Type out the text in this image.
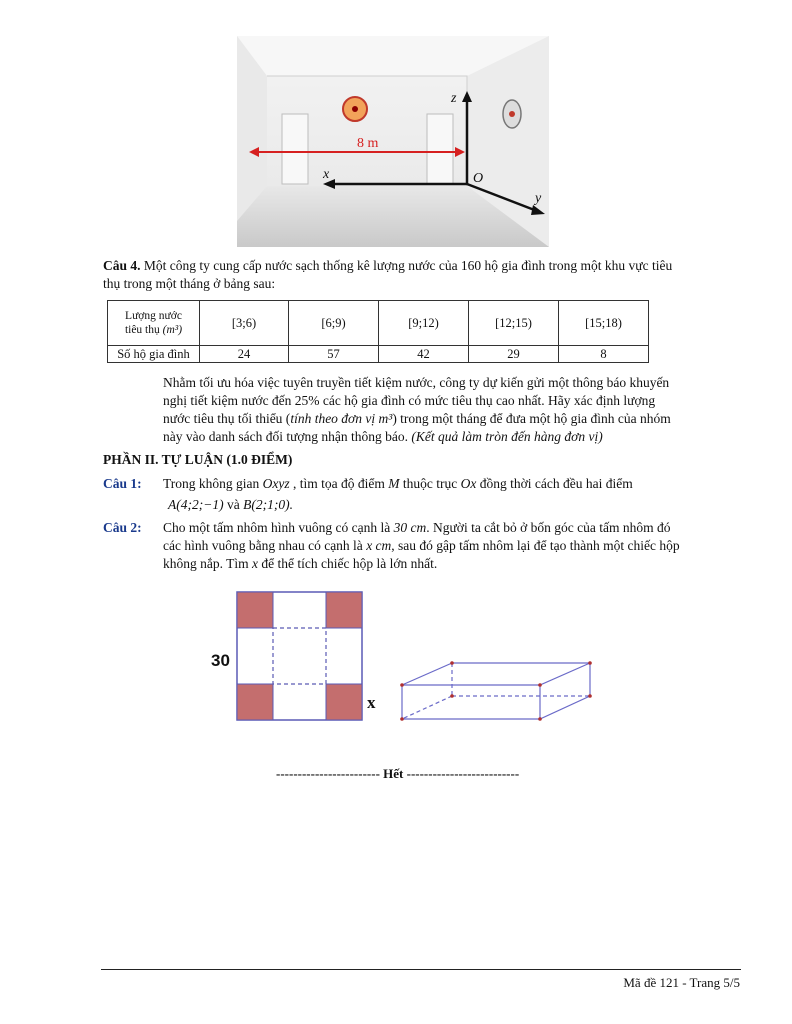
8 m
z
x
y
O
Câu 4. Một công ty cung cấp nước sạch thống kê lượng nước của 160 hộ gia đình trong một khu vực tiêu
thụ trong một tháng ở bảng sau:
Lượng nước
tiêu thụ (m³)	[3;6)	[6;9)	[9;12)	[12;15)	[15;18)
Số hộ gia đình	24	57	42	29	8
Nhằm tối ưu hóa việc tuyên truyền tiết kiệm nước, công ty dự kiến gửi một thông báo khuyến
nghị tiết kiệm nước đến 25% các hộ gia đình có mức tiêu thụ cao nhất. Hãy xác định lượng
nước tiêu thụ tối thiểu (tính theo đơn vị m³) trong một tháng để đưa một hộ gia đình của nhóm
này vào danh sách đối tượng nhận thông báo. (Kết quả làm tròn đến hàng đơn vị)
PHẦN II. TỰ LUẬN (1.0 ĐIỂM)
Câu 1: Trong không gian Oxyz , tìm tọa độ điểm M thuộc trục Ox đồng thời cách đều hai điểm
A(4;2;−1) và B(2;1;0).
Câu 2: Cho một tấm nhôm hình vuông có cạnh là 30 cm. Người ta cắt bỏ ở bốn góc của tấm nhôm đó
các hình vuông bằng nhau có cạnh là x cm, sau đó gập tấm nhôm lại để tạo thành một chiếc hộp
không nắp. Tìm x để thể tích chiếc hộp là lớn nhất.
30
x
------------------------ Hết --------------------------
Mã đề 121 - Trang 5/5
